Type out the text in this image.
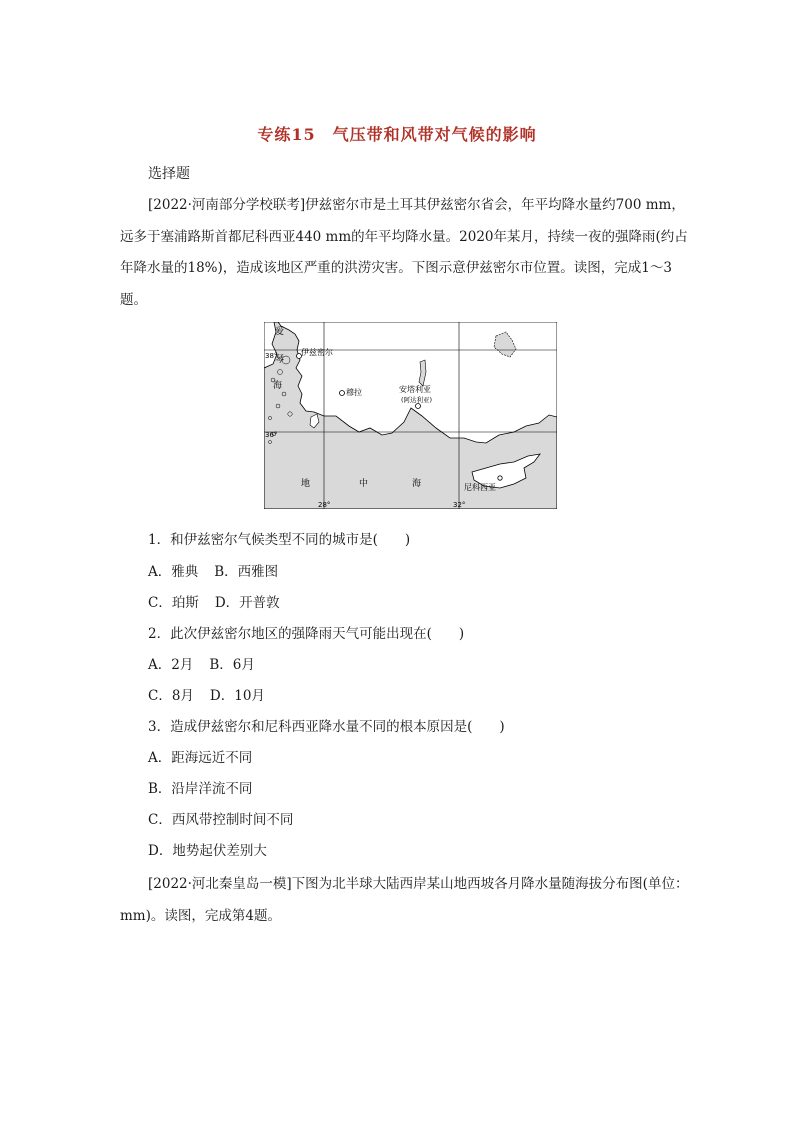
专练15　气压带和风带对气候的影响
选择题

[2022·河南部分学校联考]伊兹密尔市是土耳其伊兹密尔省会，年平均降水量约700 mm，远多于塞浦路斯首都尼科西亚440 mm的年平均降水量。2020年某月，持续一夜的强降雨(约占年降水量的18%)，造成该地区严重的洪涝灾害。下图示意伊兹密尔市位置。读图，完成1～3题。

38°
36°
28°	32°
爱
琴
海
地	中	海
伊兹密尔
穆拉	安塔利亚
(阿达利亚)
尼科西亚
1．和伊兹密尔气候类型不同的城市是(　　)
A．雅典 B．西雅图
C．珀斯 D．开普敦
2．此次伊兹密尔地区的强降雨天气可能出现在(　　)
A．2月 B．6月
C．8月 D．10月
3．造成伊兹密尔和尼科西亚降水量不同的根本原因是(　　)
A．距海远近不同
B．沿岸洋流不同
C．西风带控制时间不同
D．地势起伏差别大

[2022·河北秦皇岛一模]下图为北半球大陆西岸某山地西坡各月降水量随海拔分布图(单位：mm)。读图，完成第4题。
